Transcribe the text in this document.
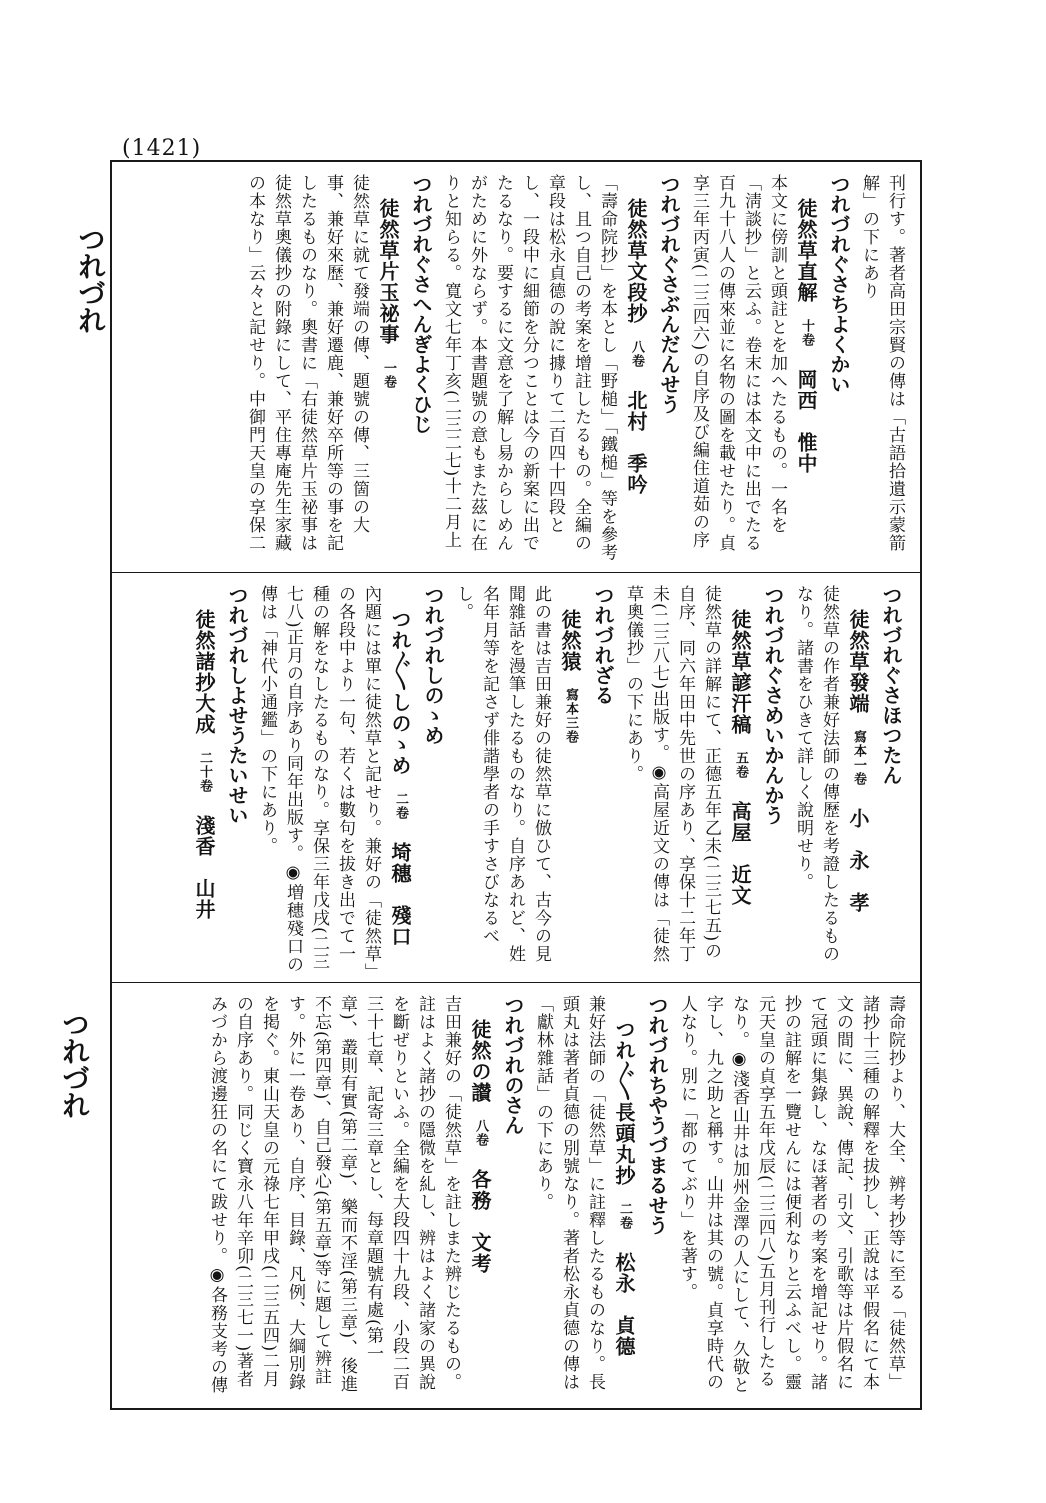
(1421)
つれづれ
つれづれ
刊行す。著者高田宗賢の傳は「古語拾遺示蒙箭解」の下にあり
つれづれぐさちよくかい
徒然草直解十卷岡西　惟中
本文に傍訓と頭註とを加へたるもの。一名を「淸談抄」と云ふ。卷末には本文中に出でたる百九十八人の傳來並に名物の圖を載せたり。貞享三年丙寅(二三四六)の自序及び編住道茹の序
つれづれぐさぶんだんせう
徒然草文段抄八卷北村　季吟
「壽命院抄」を本とし「野槌」「鐵槌」等を參考し、且つ自己の考案を增註したるもの。全編の章段は松永貞德の說に據りて二百四十四段とし、一段中に細節を分つことは今の新案に出でたるなり。要するに文意を了解し易からしめんがために外ならず。本書題號の意もまた茲に在りと知らる。寬文七年丁亥(二三二七)十二月上
つれづれぐさへんぎよくひじ
徒然草片玉祕事一卷
徒然草に就て發端の傳、題號の傳、三箇の大事、兼好來歷、兼好遷鹿、兼好卒所等の事を記したるものなり。奧書に「右徒然草片玉祕事は徒然草奧儀抄の附錄にして、平住專庵先生家藏の本なり」云々と記せり。中御門天皇の享保二
つれづれぐさほつたん
徒然草發端寫本一卷小　永　孝
徒然草の作者兼好法師の傳歷を考證したるものなり。諸書をひきて詳しく說明せり。
つれづれぐさめいかんかう
徒然草諺汗稿五卷高屋　近文
徒然草の詳解にて、正德五年乙未(二三七五)の自序、同六年田中先世の序あり、享保十二年丁未(二三八七)出版す。◉高屋近文の傳は「徒然草奧儀抄」の下にあり。
つれづれざる
徒然猿寫本三卷
此の書は吉田兼好の徒然草に倣ひて、古今の見聞雜話を漫筆したるものなり。自序あれど、姓名年月等を記さず俳諧學者の手すさびなるべし。
つれづれしのゝめ
つれ〴〵しのゝめ二卷埼穗　殘口
內題には單に徒然草と記せり。兼好の「徒然草」の各段中より一句、若くは數句を拔き出でて一種の解をなしたるものなり。享保三年戊戌(二三七八)正月の自序あり同年出版す。◉増穗殘口の傳は「神代小通鑑」の下にあり。
つれづれしよせうたいせい
徒然諸抄大成二十卷淺香　山井
壽命院抄より、大全、辨考抄等に至る「徒然草」諸抄十三種の解釋を拔抄し、正說は平假名にて本文の間に、異說、傳記、引文、引歌等は片假名にて冠頭に集錄し、なほ著者の考案を增記せり。諸抄の註解を一覽せんには便利なりと云ふべし。靈元天皇の貞享五年戊辰(二三四八)五月刊行したるなり。◉淺香山井は加州金澤の人にして、久敬と字し、九之助と稱す。山井は其の號。貞享時代の人なり。別に「都のてぶり」を著す。
つれづれちやうづまるせう
つれ〴〵長頭丸抄二卷松永　貞德
兼好法師の「徒然草」に註釋したるものなり。長頭丸は著者貞德の別號なり。著者松永貞德の傳は「獻林雜話」の下にあり。
つれづれのさん
徒然の讃八卷各務　文考
吉田兼好の「徒然草」を註しまた辨じたるもの。註はよく諸抄の隱微を糺し、辨はよく諸家の異說を斷ぜりといふ。全編を大段四十九段、小段二百三十七章、記寄三章とし、每章題號有處(第一章)、叢則有實(第二章)、樂而不淫(第三章)、後進不忘(第四章)、自己發心(第五章)等に題して辨註す。外に一卷あり、自序、目錄、凡例、大綱別錄を掲ぐ。東山天皇の元祿七年甲戌(二三五四)二月の自序あり。同じく寶永八年辛卯(二三七一)著者みづから渡邊狂の名にて跋せり。◉各務支考の傳
